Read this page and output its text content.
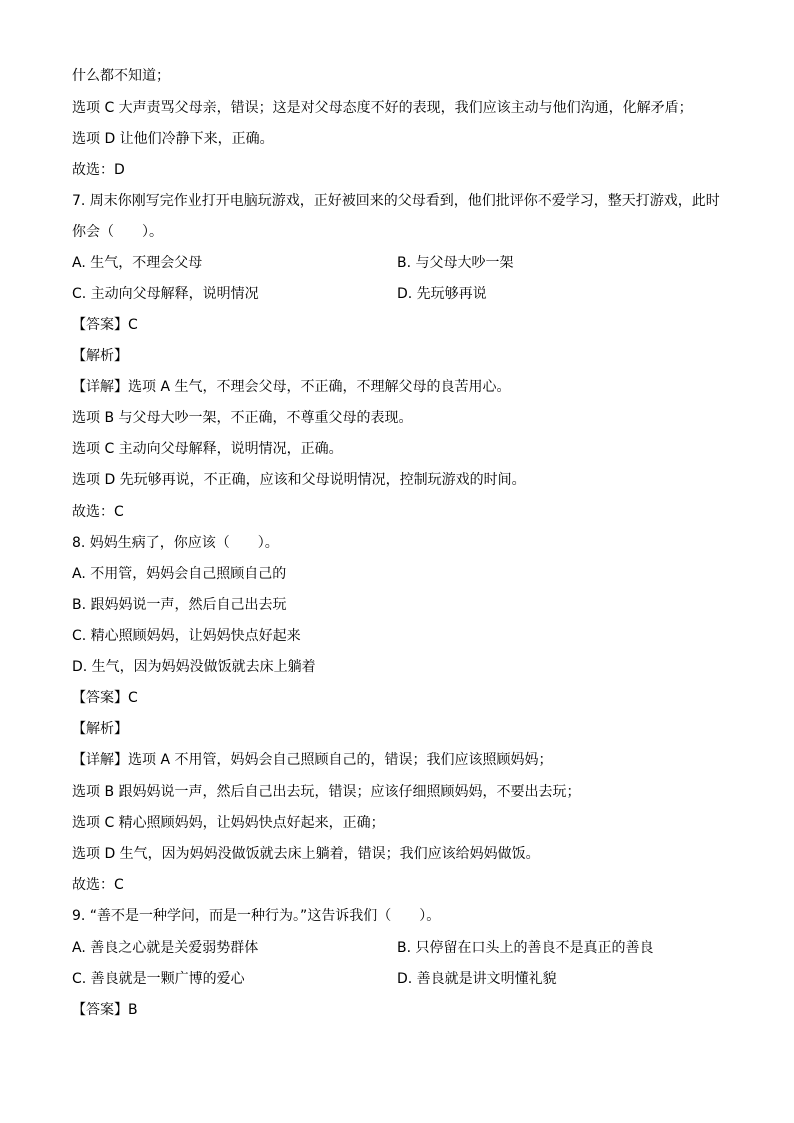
什么都不知道；
选项 C 大声责骂父母亲，错误；这是对父母态度不好的表现，我们应该主动与他们沟通，化解矛盾；
选项 D 让他们冷静下来，正确。
故选：D
7. 周末你刚写完作业打开电脑玩游戏，正好被回来的父母看到，他们批评你不爱学习，整天打游戏，此时
你会（　　）。
A. 生气，不理会父母	B. 与父母大吵一架
C. 主动向父母解释，说明情况	D. 先玩够再说
【答案】C
【解析】
【详解】选项 A 生气，不理会父母，不正确，不理解父母的良苦用心。
选项 B 与父母大吵一架，不正确，不尊重父母的表现。
选项 C 主动向父母解释，说明情况，正确。
选项 D 先玩够再说，不正确，应该和父母说明情况，控制玩游戏的时间。
故选：C
8. 妈妈生病了，你应该（　　）。
A. 不用管，妈妈会自己照顾自己的
B. 跟妈妈说一声，然后自己出去玩
C. 精心照顾妈妈，让妈妈快点好起来
D. 生气，因为妈妈没做饭就去床上躺着
【答案】C
【解析】
【详解】选项 A 不用管，妈妈会自己照顾自己的，错误；我们应该照顾妈妈；
选项 B 跟妈妈说一声，然后自己出去玩，错误；应该仔细照顾妈妈，不要出去玩；
选项 C 精心照顾妈妈，让妈妈快点好起来，正确；
选项 D 生气，因为妈妈没做饭就去床上躺着，错误；我们应该给妈妈做饭。
故选：C
9. “善不是一种学问，而是一种行为。”这告诉我们（　　）。
A. 善良之心就是关爱弱势群体	B. 只停留在口头上的善良不是真正的善良
C. 善良就是一颗广博的爱心	D. 善良就是讲文明懂礼貌
【答案】B
